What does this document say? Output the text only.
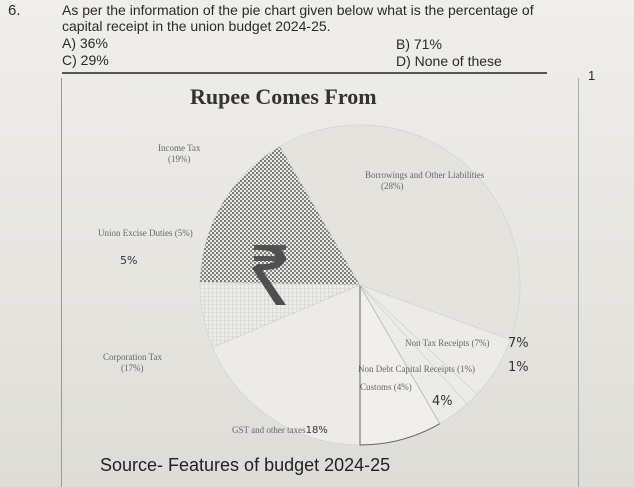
6.	As per the information of the pie chart given below what is the percentage of capital receipt in the union budget 2024-25.
A) 36%	B) 71%
C) 29%	D) None of these
1
Rupee Comes From
Income Tax
(19%)
Union Excise Duties (5%)
5%
Corporation Tax
(17%)
GST and other taxes 18%
Customs (4%)
4%
Non Debt Capital Receipts (1%)	1%
Non Tax Receipts (7%) 7%
Borrowings and Other Liabilities
(28%)
Source- Features of budget 2024-25
